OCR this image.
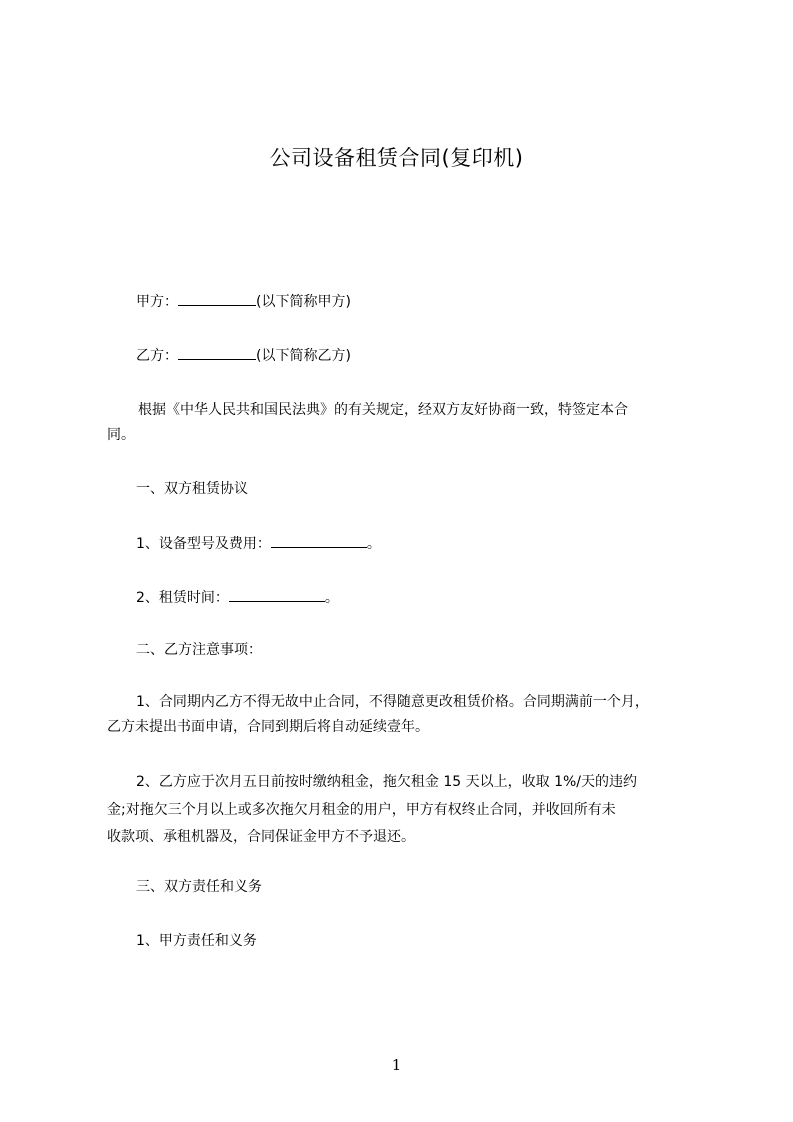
公司设备租赁合同(复印机)
甲方：	(以下简称甲方)
乙方：	(以下简称乙方)
根据《中华人民共和国民法典》的有关规定，经双方友好协商一致，特签定本合
同。
一、双方租赁协议
1、设备型号及费用：	。
2、租赁时间：	。
二、乙方注意事项：
1、合同期内乙方不得无故中止合同，不得随意更改租赁价格。合同期满前一个月，
乙方未提出书面申请，合同到期后将自动延续壹年。
2、乙方应于次月五日前按时缴纳租金，拖欠租金 15 天以上，收取 1%/天的违约
金;对拖欠三个月以上或多次拖欠月租金的用户，甲方有权终止合同，并收回所有未
收款项、承租机器及，合同保证金甲方不予退还。
三、双方责任和义务
1、甲方责任和义务
1
